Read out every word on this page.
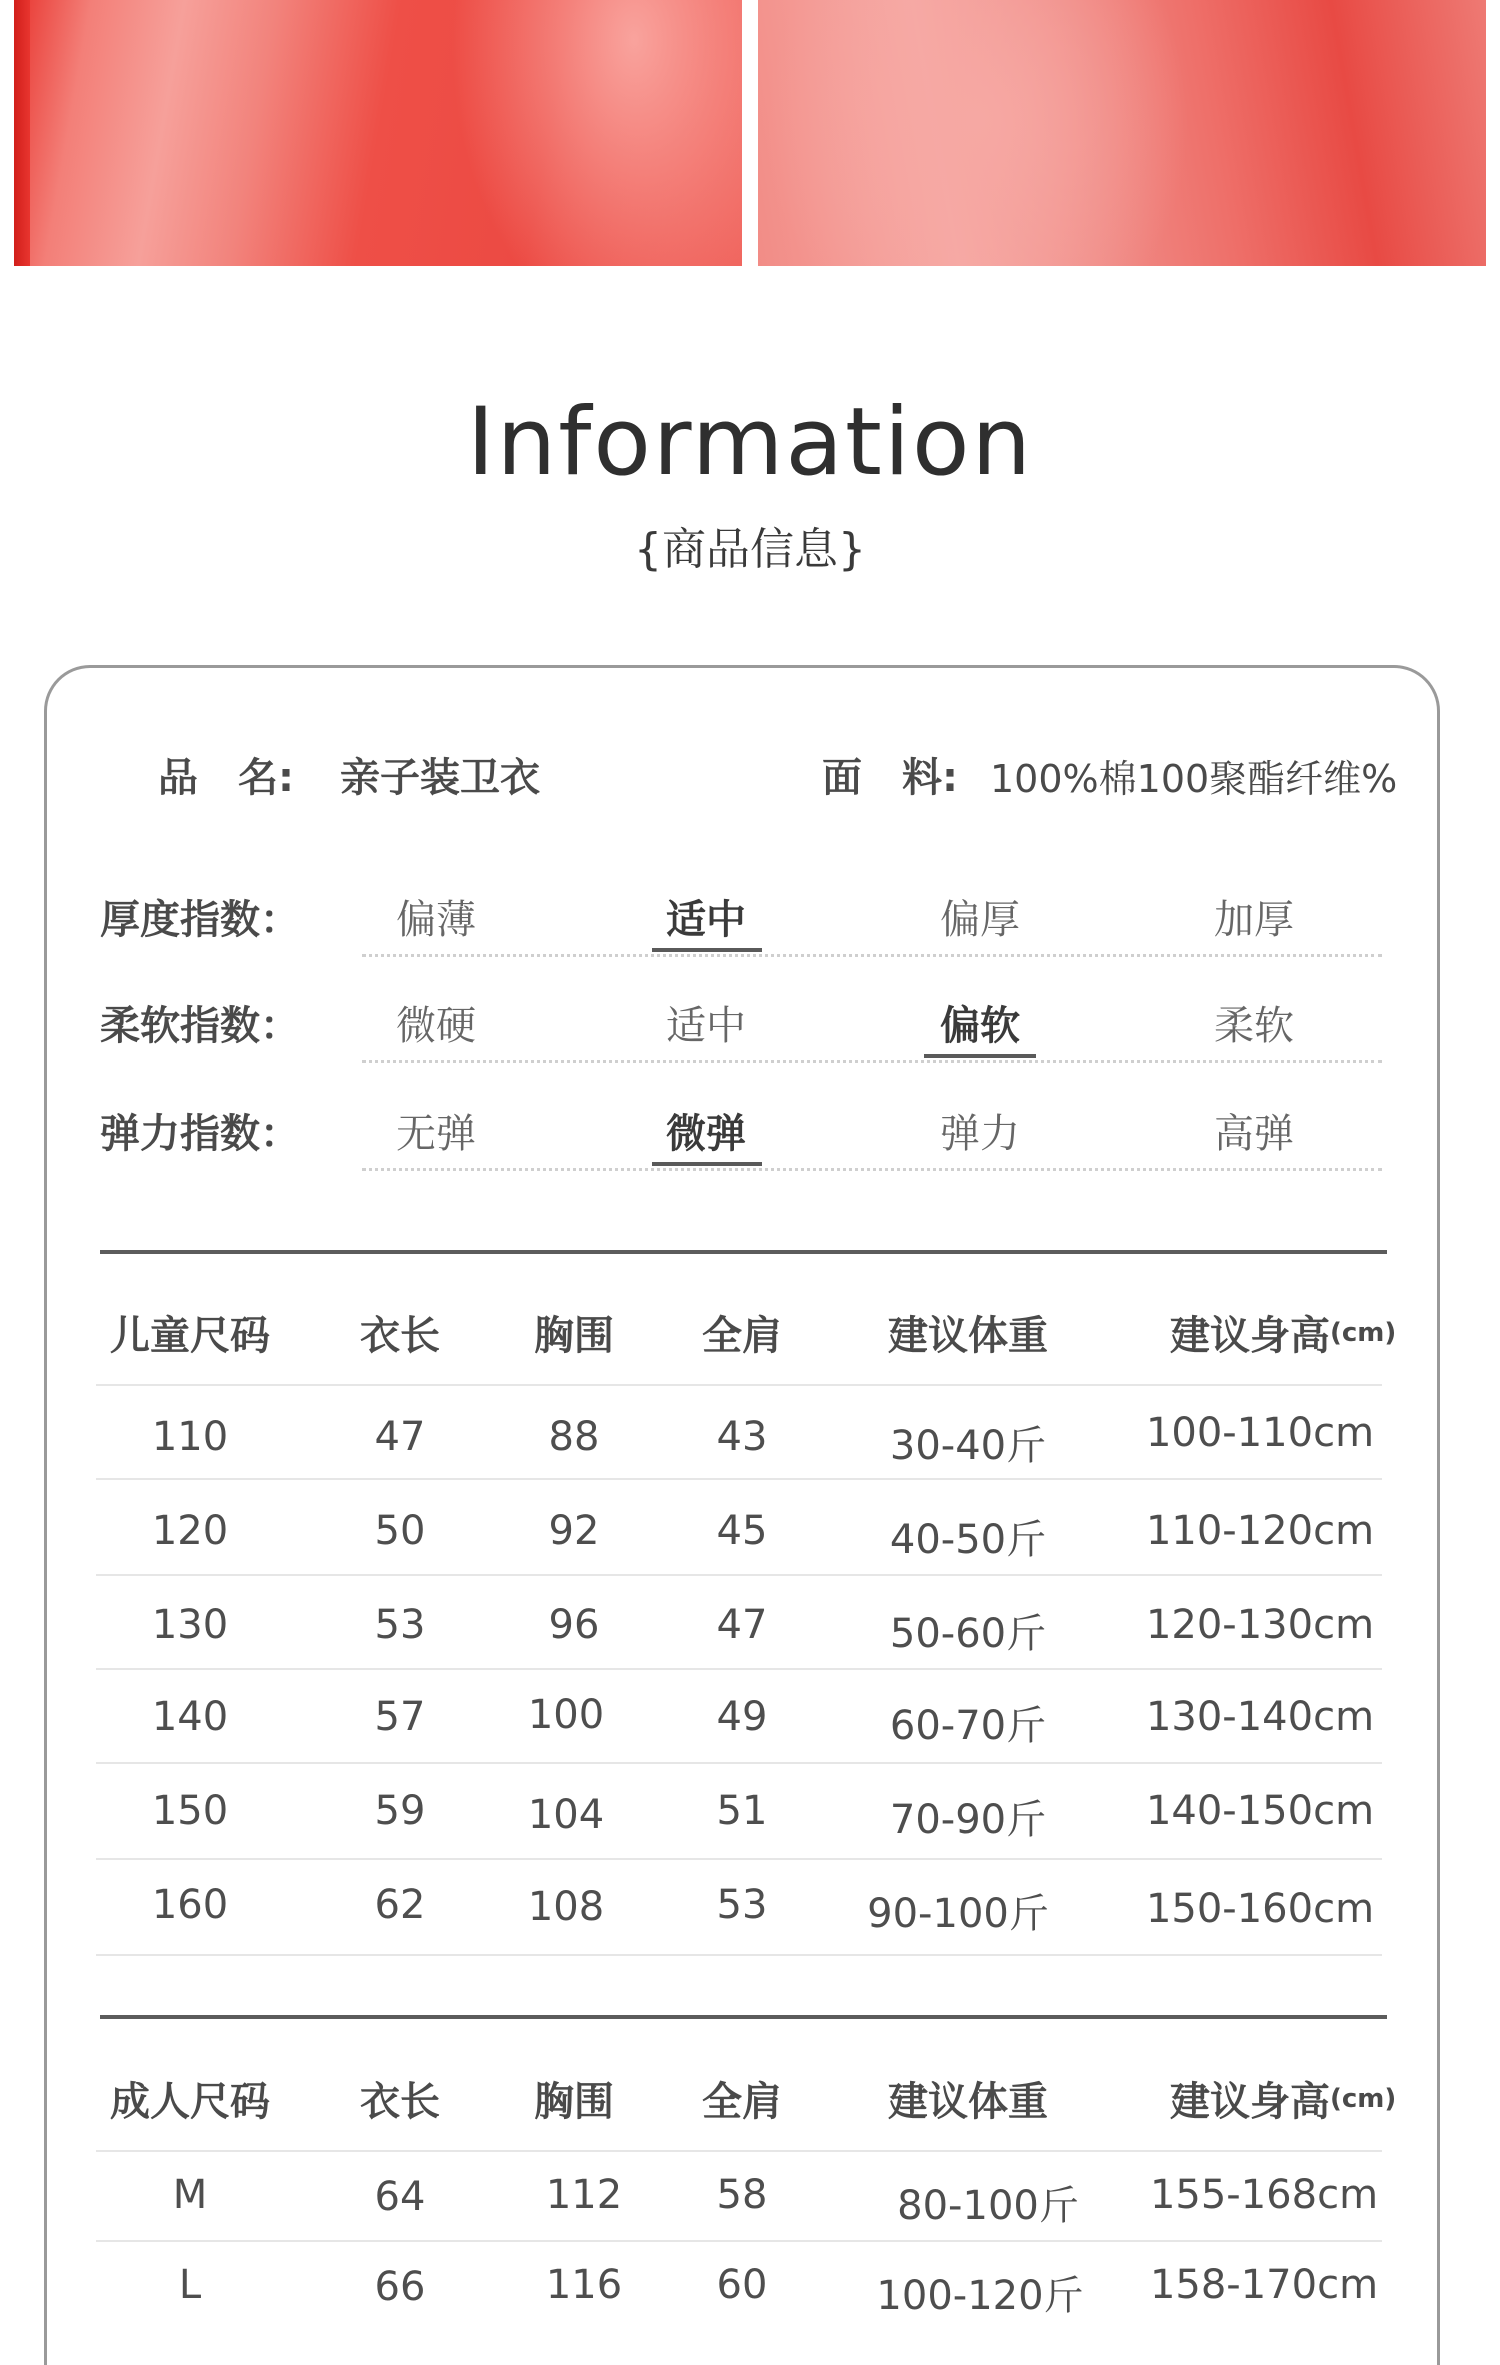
Information
{商品信息}
品　名: 亲子装卫衣	面　料: 100%棉100聚酯纤维%
厚度指数：	偏薄	适中	偏厚	加厚
柔软指数：	微硬	适中	偏软	柔软
弹力指数：	无弹	微弹	弹力	高弹
儿童尺码	衣长	胸围	全肩	建议体重	建议身高 (cm)
110	47	88	43	30-40斤	100-110cm
120	50	92	45	40-50斤	110-120cm
130	53	96	47	50-60斤	120-130cm
140	57	100	49	60-70斤	130-140cm
150	59	104	51	70-90斤	140-150cm
160	62	108	53	90-100斤	150-160cm
成人尺码	衣长	胸围	全肩	建议体重	建议身高 (cm)
M	64	112	58	80-100斤	155-168cm
L	66	116	60	100-120斤	158-170cm
